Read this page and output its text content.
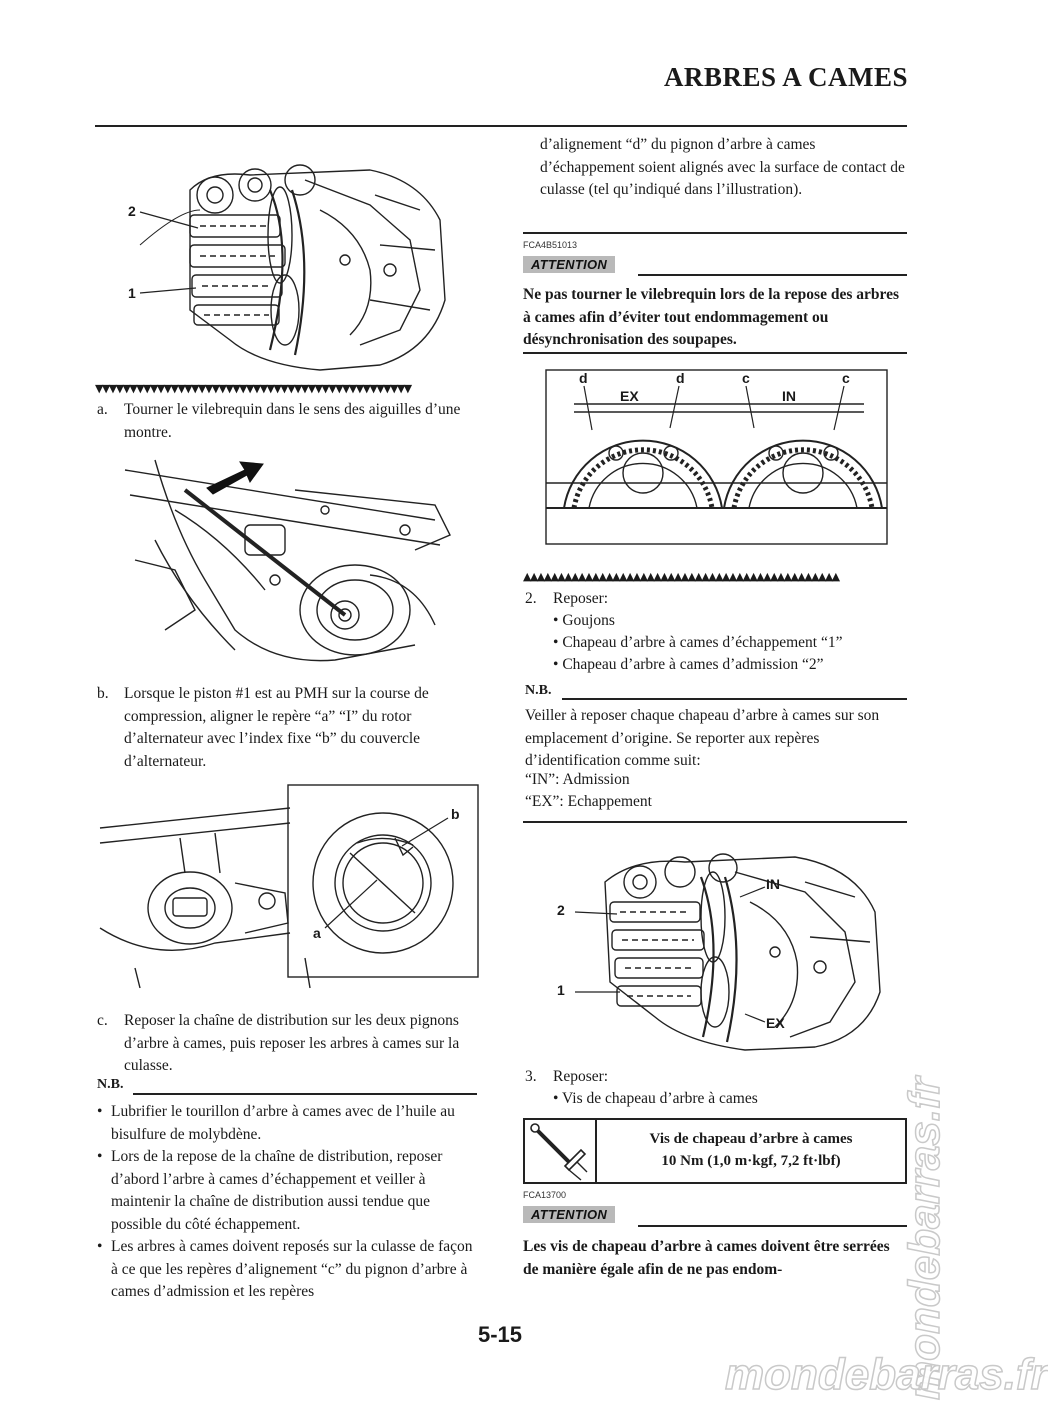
ARBRES A CAMES
2
1
▼▼▼▼▼▼▼▼▼▼▼▼▼▼▼▼▼▼▼▼▼▼▼▼▼▼▼▼▼▼▼▼▼▼▼▼▼▼▼▼▼▼▼▼▼▼
a. Tourner le vilebrequin dans le sens des aiguilles d’une montre.
b. Lorsque le piston #1 est au PMH sur la course de compression, aligner le repère “a” “I” du rotor d’alternateur avec l’index fixe “b” du couvercle d’alternateur.
b
a
c. Reposer la chaîne de distribution sur les deux pignons d’arbre à cames, puis reposer les arbres à cames sur la culasse.
N.B.
• Lubrifier le tourillon d’arbre à cames avec de l’huile au bisulfure de molybdène.
• Lors de la repose de la chaîne de distribution, reposer d’abord l’arbre à cames d’échappement et veiller à maintenir la chaîne de distribution aussi tendue que possible du côté échappement.
• Les arbres à cames doivent reposés sur la culasse de façon à ce que les repères d’alignement “c” du pignon d’arbre à cames d’admission et les repères
d’alignement “d” du pignon d’arbre à cames d’échappement soient alignés avec la surface de contact de culasse (tel qu’indiqué dans l’illustration).
FCA4B51013
ATTENTION
Ne pas tourner le vilebrequin lors de la repose des arbres à cames afin d’éviter tout endommagement ou désynchronisation des soupapes.
d
EX
d	c
IN
c
▲▲▲▲▲▲▲▲▲▲▲▲▲▲▲▲▲▲▲▲▲▲▲▲▲▲▲▲▲▲▲▲▲▲▲▲▲▲▲▲▲▲▲▲▲▲
2. Reposer:
• Goujons
• Chapeau d’arbre à cames d’échappement “1”
• Chapeau d’arbre à cames d’admission “2”
N.B.
Veiller à reposer chaque chapeau d’arbre à cames sur son emplacement d’origine. Se reporter aux repères d’identification comme suit:
“IN”: Admission
“EX”: Echappement
2
1
IN
EX
3. Reposer:
• Vis de chapeau d’arbre à cames
Vis de chapeau d’arbre à cames
10 Nm (1,0 m·kgf, 7,2 ft·lbf)
FCA13700
ATTENTION
Les vis de chapeau d’arbre à cames doivent être serrées de manière égale afin de ne pas endom-
5-15	mondebarras.fr
mondebarras.fr
